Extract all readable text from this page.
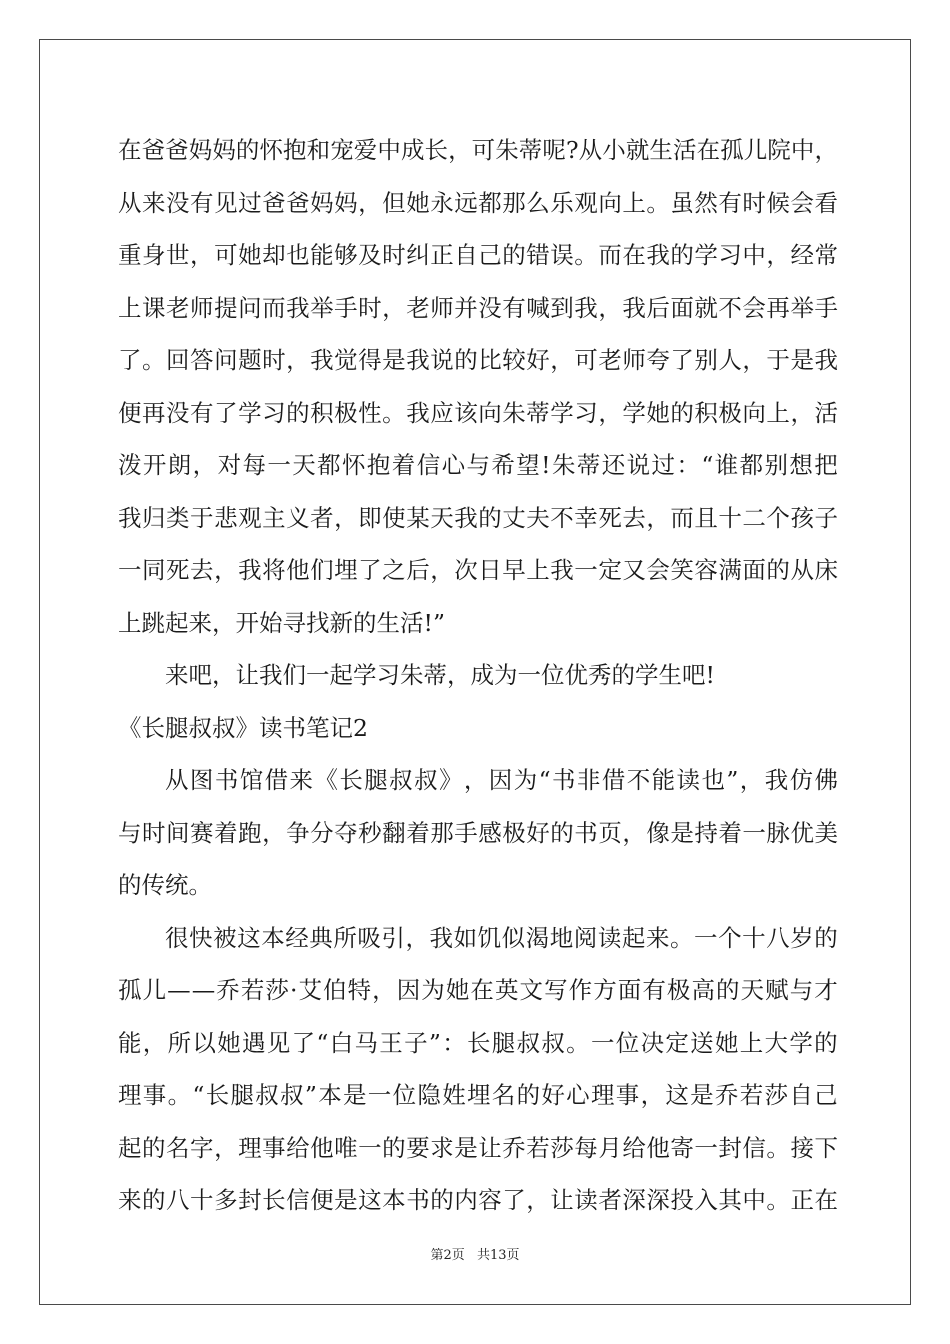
在 爸 爸 妈 妈 的 怀 抱 和 宠 爱 中 成 长 ， 可 朱 蒂 呢 ? 从 小 就 生 活 在 孤 儿 院 中 ，
从 来 没 有 见 过 爸 爸 妈 妈 ， 但 她 永 远 都 那 么 乐 观 向 上 。 虽 然 有 时 候 会 看
重 身 世 ， 可 她 却 也 能 够 及 时 纠 正 自 己 的 错 误 。 而 在 我 的 学 习 中 ， 经 常
上 课 老 师 提 问 而 我 举 手 时 ， 老 师 并 没 有 喊 到 我 ， 我 后 面 就 不 会 再 举 手
了 。 回 答 问 题 时 ， 我 觉 得 是 我 说 的 比 较 好 ， 可 老 师 夸 了 别 人 ， 于 是 我
便 再 没 有 了 学 习 的 积 极 性 。 我 应 该 向 朱 蒂 学 习 ， 学 她 的 积 极 向 上 ， 活
泼 开 朗 ， 对 每 一 天 都 怀 抱 着 信 心 与 希 望 ! 朱 蒂 还 说 过 ： “ 谁 都 别 想 把
我 归 类 于 悲 观 主 义 者 ， 即 使 某 天 我 的 丈 夫 不 幸 死 去 ， 而 且 十 二 个 孩 子
一 同 死 去 ， 我 将 他 们 埋 了 之 后 ， 次 日 早 上 我 一 定 又 会 笑 容 满 面 的 从 床
上跳起来，开始寻找新的生活!”
来吧，让我们一起学习朱蒂，成为一位优秀的学生吧!
《长腿叔叔》读书笔记2
从 图 书 馆 借 来 《 长 腿 叔 叔 》 ， 因 为 “ 书 非 借 不 能 读 也 ” ， 我 仿 佛
与 时 间 赛 着 跑 ， 争 分 夺 秒 翻 着 那 手 感 极 好 的 书 页 ， 像 是 持 着 一 脉 优 美
的传统。
很 快 被 这 本 经 典 所 吸 引 ， 我 如 饥 似 渴 地 阅 读 起 来 。 一 个 十 八 岁 的
孤 儿 — — 乔 若 莎 · 艾 伯 特 ， 因 为 她 在 英 文 写 作 方 面 有 极 高 的 天 赋 与 才
能 ， 所 以 她 遇 见 了 “ 白 马 王 子 ” ： 长 腿 叔 叔 。 一 位 决 定 送 她 上 大 学 的
理 事 。 “ 长 腿 叔 叔 ” 本 是 一 位 隐 姓 埋 名 的 好 心 理 事 ， 这 是 乔 若 莎 自 己
起 的 名 字 ， 理 事 给 他 唯 一 的 要 求 是 让 乔 若 莎 每 月 给 他 寄 一 封 信 。 接 下
来 的 八 十 多 封 长 信 便 是 这 本 书 的 内 容 了 ， 让 读 者 深 深 投 入 其 中 。 正 在
第2页 共13页
